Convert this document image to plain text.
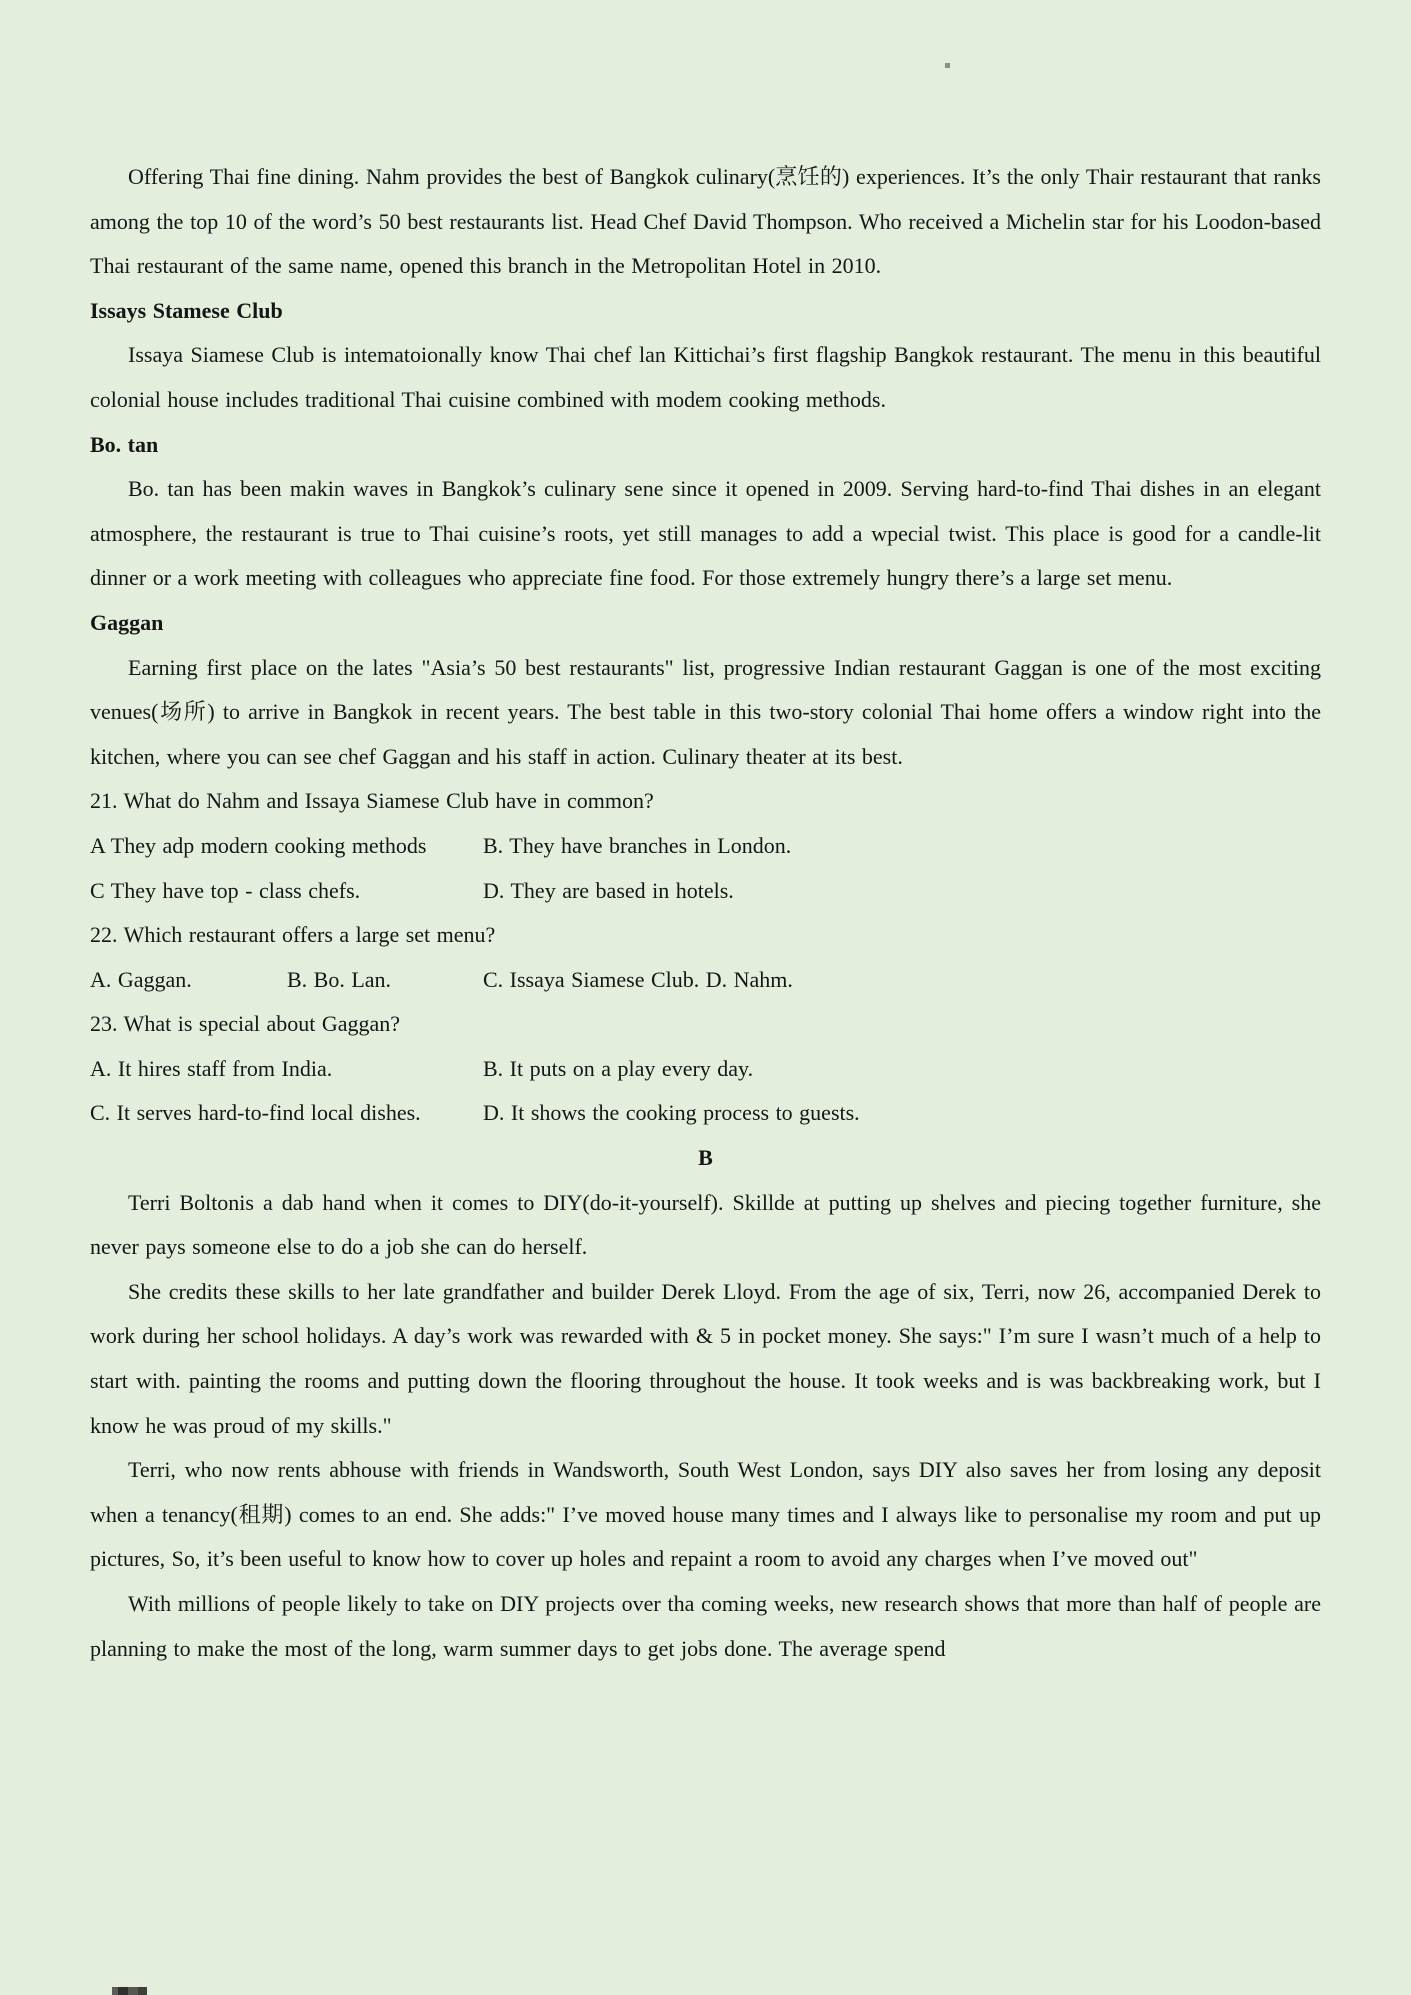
Offering Thai fine dining. Nahm provides the best of Bangkok culinary(烹饪的) experiences. It’s the only Thair restaurant that ranks among the top 10 of the word’s 50 best restaurants list. Head Chef David Thompson. Who received a Michelin star for his Loodon-based Thai restaurant of the same name, opened this branch in the Metropolitan Hotel in 2010.

Issays Stamese Club

Issaya Siamese Club is intematoionally know Thai chef lan Kittichai’s first flagship Bangkok restaurant. The menu in this beautiful colonial house includes traditional Thai cuisine combined with modem cooking methods.

Bo. tan

Bo. tan has been makin waves in Bangkok’s culinary sene since it opened in 2009. Serving hard-to-find Thai dishes in an elegant atmosphere, the restaurant is true to Thai cuisine’s roots, yet still manages to add a wpecial twist. This place is good for a candle-lit dinner or a work meeting with colleagues who appreciate fine food. For those extremely hungry there’s a large set menu.

Gaggan

Earning first place on the lates "Asia’s 50 best restaurants" list, progressive Indian restaurant Gaggan is one of the most exciting venues(场所) to arrive in Bangkok in recent years. The best table in this two-story colonial Thai home offers a window right into the kitchen, where you can see chef Gaggan and his staff in action. Culinary theater at its best.

21. What do Nahm and Issaya Siamese Club have in common?

A They adp modern cooking methods	B. They have branches in London.
C They have top - class chefs.	D. They are based in hotels.

22. Which restaurant offers a large set menu?

A. Gaggan.	B. Bo. Lan.	C. Issaya Siamese Club. D. Nahm.

23. What is special about Gaggan?

A. It hires staff from India.	B. It puts on a play every day.
C. It serves hard-to-find local dishes.	D. It shows the cooking process to guests.

B

Terri Boltonis a dab hand when it comes to DIY(do-it-yourself). Skillde at putting up shelves and piecing together furniture, she never pays someone else to do a job she can do herself.

She credits these skills to her late grandfather and builder Derek Lloyd. From the age of six, Terri, now 26, accompanied Derek to work during her school holidays. A day’s work was rewarded with & 5 in pocket money. She says:" I’m sure I wasn’t much of a help to start with. painting the rooms and putting down the flooring throughout the house. It took weeks and is was backbreaking work, but I know he was proud of my skills."

Terri, who now rents abhouse with friends in Wandsworth, South West London, says DIY also saves her from losing any deposit when a tenancy(租期) comes to an end. She adds:" I’ve moved house many times and I always like to personalise my room and put up pictures, So, it’s been useful to know how to cover up holes and repaint a room to avoid any charges when I’ve moved out"

With millions of people likely to take on DIY projects over tha coming weeks, new research shows that more than half of people are planning to make the most of the long, warm summer days to get jobs done. The average spend
